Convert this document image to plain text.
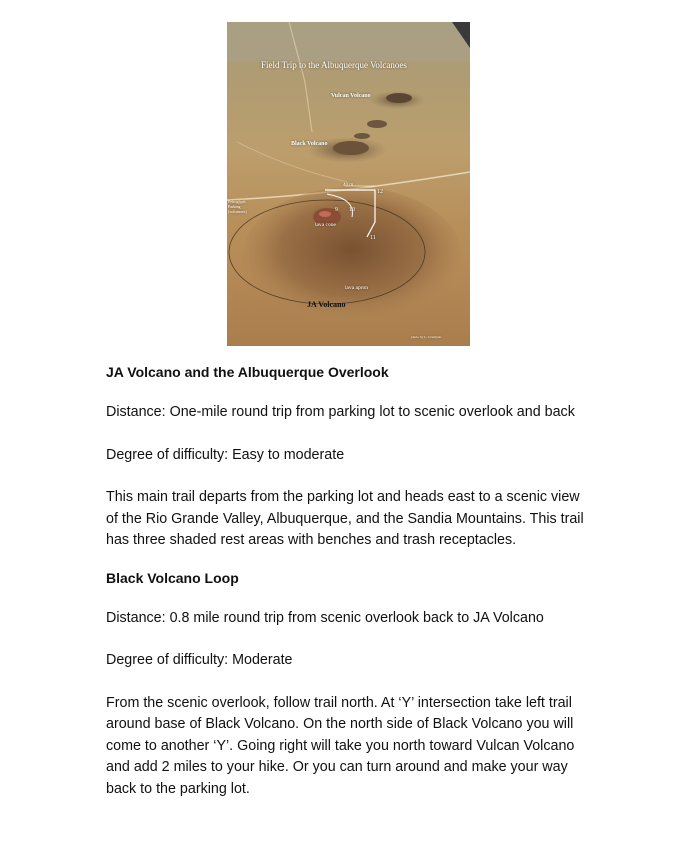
Field Trip to the Albuquerque Volcanoes
Vulcan Volcano
Black Volcano
40 m
12
9 10
11
Petroglyph Parking (volcanoes)
lava cone
lava apron
JA Volcano
photo by L. Crumpler

JA Volcano and the Albuquerque Overlook

Distance: One-mile round trip from parking lot to scenic overlook and back

Degree of difficulty: Easy to moderate

This main trail departs from the parking lot and heads east to a scenic view of the Rio Grande Valley, Albuquerque, and the Sandia Mountains. This trail has three shaded rest areas with benches and trash receptacles.

Black Volcano Loop

Distance: 0.8 mile round trip from scenic overlook back to JA Volcano

Degree of difficulty: Moderate

From the scenic overlook, follow trail north. At ‘Y’ intersection take left trail around base of Black Volcano. On the north side of Black Volcano you will come to another ‘Y’. Going right will take you north toward Vulcan Volcano and add 2 miles to your hike. Or you can turn around and make your way back to the parking lot.
